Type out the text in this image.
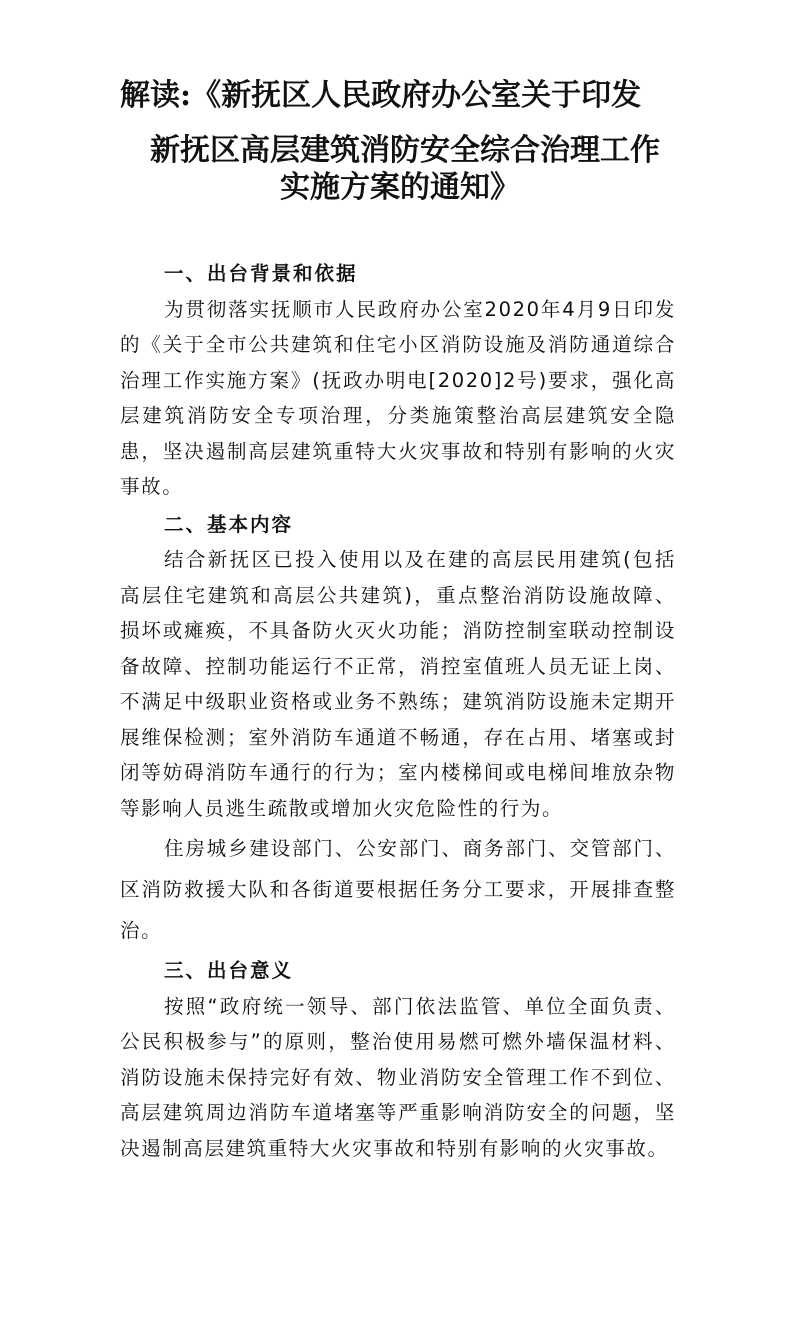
解读:《新抚区人民政府办公室关于印发
新抚区高层建筑消防安全综合治理工作
实施方案的通知》

一、出台背景和依据

为贯彻落实抚顺市人民政府办公室2020年4月9日印发的《关于全市公共建筑和住宅小区消防设施及消防通道综合治理工作实施方案》(抚政办明电[2020]2号)要求，强化高层建筑消防安全专项治理，分类施策整治高层建筑安全隐患，坚决遏制高层建筑重特大火灾事故和特别有影响的火灾事故。

二、基本内容

结合新抚区已投入使用以及在建的高层民用建筑(包括高层住宅建筑和高层公共建筑)，重点整治消防设施故障、损坏或瘫痪，不具备防火灭火功能；消防控制室联动控制设备故障、控制功能运行不正常，消控室值班人员无证上岗、不满足中级职业资格或业务不熟练；建筑消防设施未定期开展维保检测；室外消防车通道不畅通，存在占用、堵塞或封闭等妨碍消防车通行的行为；室内楼梯间或电梯间堆放杂物等影响人员逃生疏散或增加火灾危险性的行为。

住房城乡建设部门、公安部门、商务部门、交管部门、区消防救援大队和各街道要根据任务分工要求，开展排查整治。

三、出台意义

按照“政府统一领导、部门依法监管、单位全面负责、公民积极参与”的原则，整治使用易燃可燃外墙保温材料、消防设施未保持完好有效、物业消防安全管理工作不到位、高层建筑周边消防车道堵塞等严重影响消防安全的问题，坚决遏制高层建筑重特大火灾事故和特别有影响的火灾事故。
